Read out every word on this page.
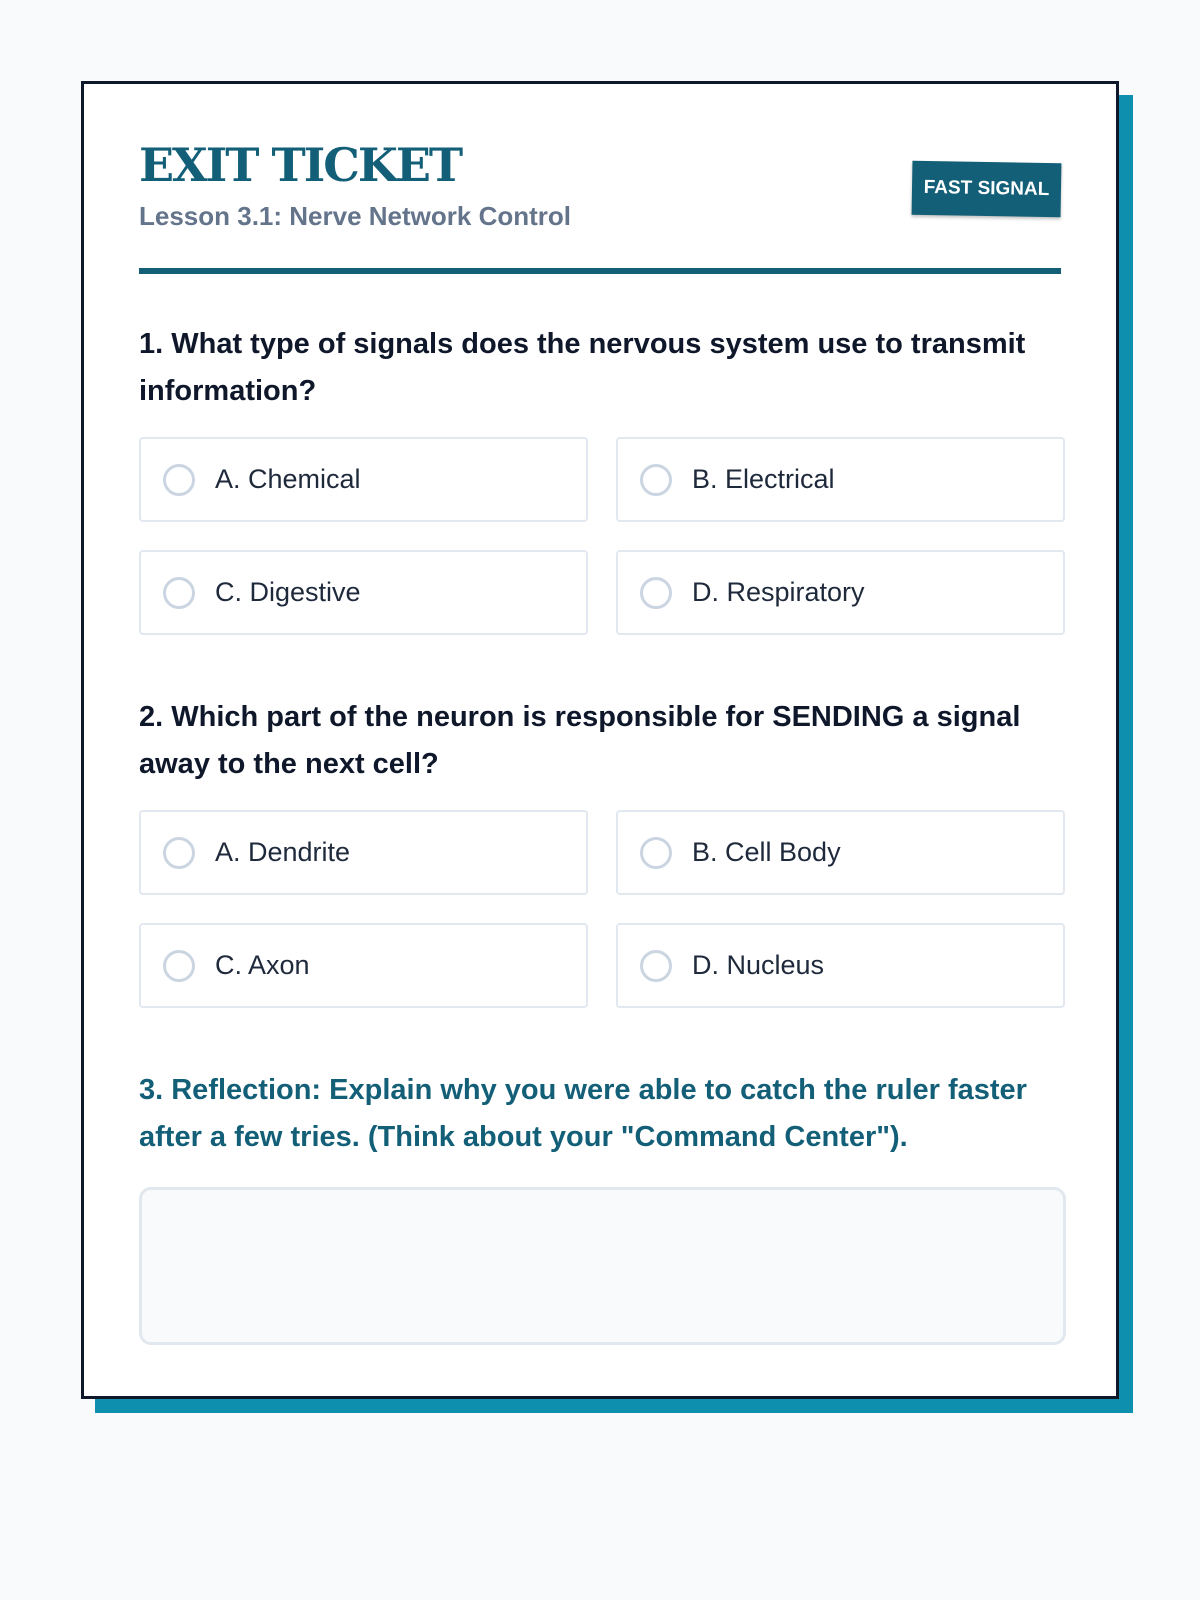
EXIT TICKET
Lesson 3.1: Nerve Network Control
FAST SIGNAL
1. What type of signals does the nervous system use to transmit information?
A. Chemical	B. Electrical
C. Digestive	D. Respiratory
2. Which part of the neuron is responsible for SENDING a signal away to the next cell?
A. Dendrite	B. Cell Body
C. Axon	D. Nucleus
3. Reflection: Explain why you were able to catch the ruler faster after a few tries. (Think about your "Command Center").
